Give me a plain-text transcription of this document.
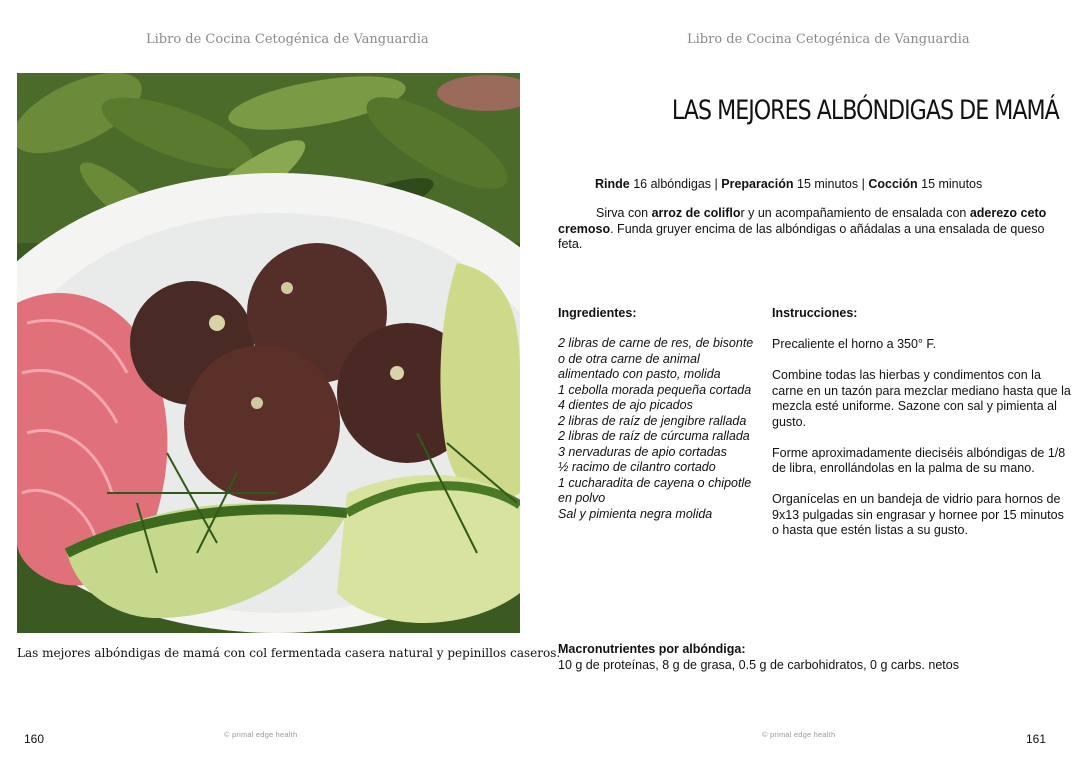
Libro de Cocina Cetogénica de Vanguardia
Las mejores albóndigas de mamá con col fermentada casera natural y pepinillos caseros.
© primal edge health
160
Libro de Cocina Cetogénica de Vanguardia
LAS MEJORES ALBÓNDIGAS DE MAMÁ
Rinde 16 albóndigas | Preparación 15 minutos | Cocción 15 minutos
Sirva con arroz de coliflor y un acompañamiento de ensalada con aderezo ceto cremoso. Funda gruyer encima de las albóndigas o añádalas a una ensalada de queso feta.
Ingredientes:
2 libras de carne de res, de bisonte o de otra carne de animal alimentado con pasto, molida
1 cebolla morada pequeña cortada
4 dientes de ajo picados
2 libras de raíz de jengibre rallada
2 libras de raíz de cúrcuma rallada
3 nervaduras de apio cortadas
½ racimo de cilantro cortado
1 cucharadita de cayena o chipotle en polvo
Sal y pimienta negra molida
Instrucciones:
Precaliente el horno a 350° F.
Combine todas las hierbas y condimentos con la carne en un tazón para mezclar mediano hasta que la mezcla esté uniforme. Sazone con sal y pimienta al gusto.
Forme aproximadamente dieciséis albóndigas de 1/8 de libra, enrollándolas en la palma de su mano.
Organícelas en un bandeja de vidrio para hornos de 9x13 pulgadas sin engrasar y hornee por 15 minutos o hasta que estén listas a su gusto.
Macronutrientes por albóndiga:
10 g de proteínas, 8 g de grasa, 0.5 g de carbohidratos, 0 g carbs. netos
© primal edge health	161
